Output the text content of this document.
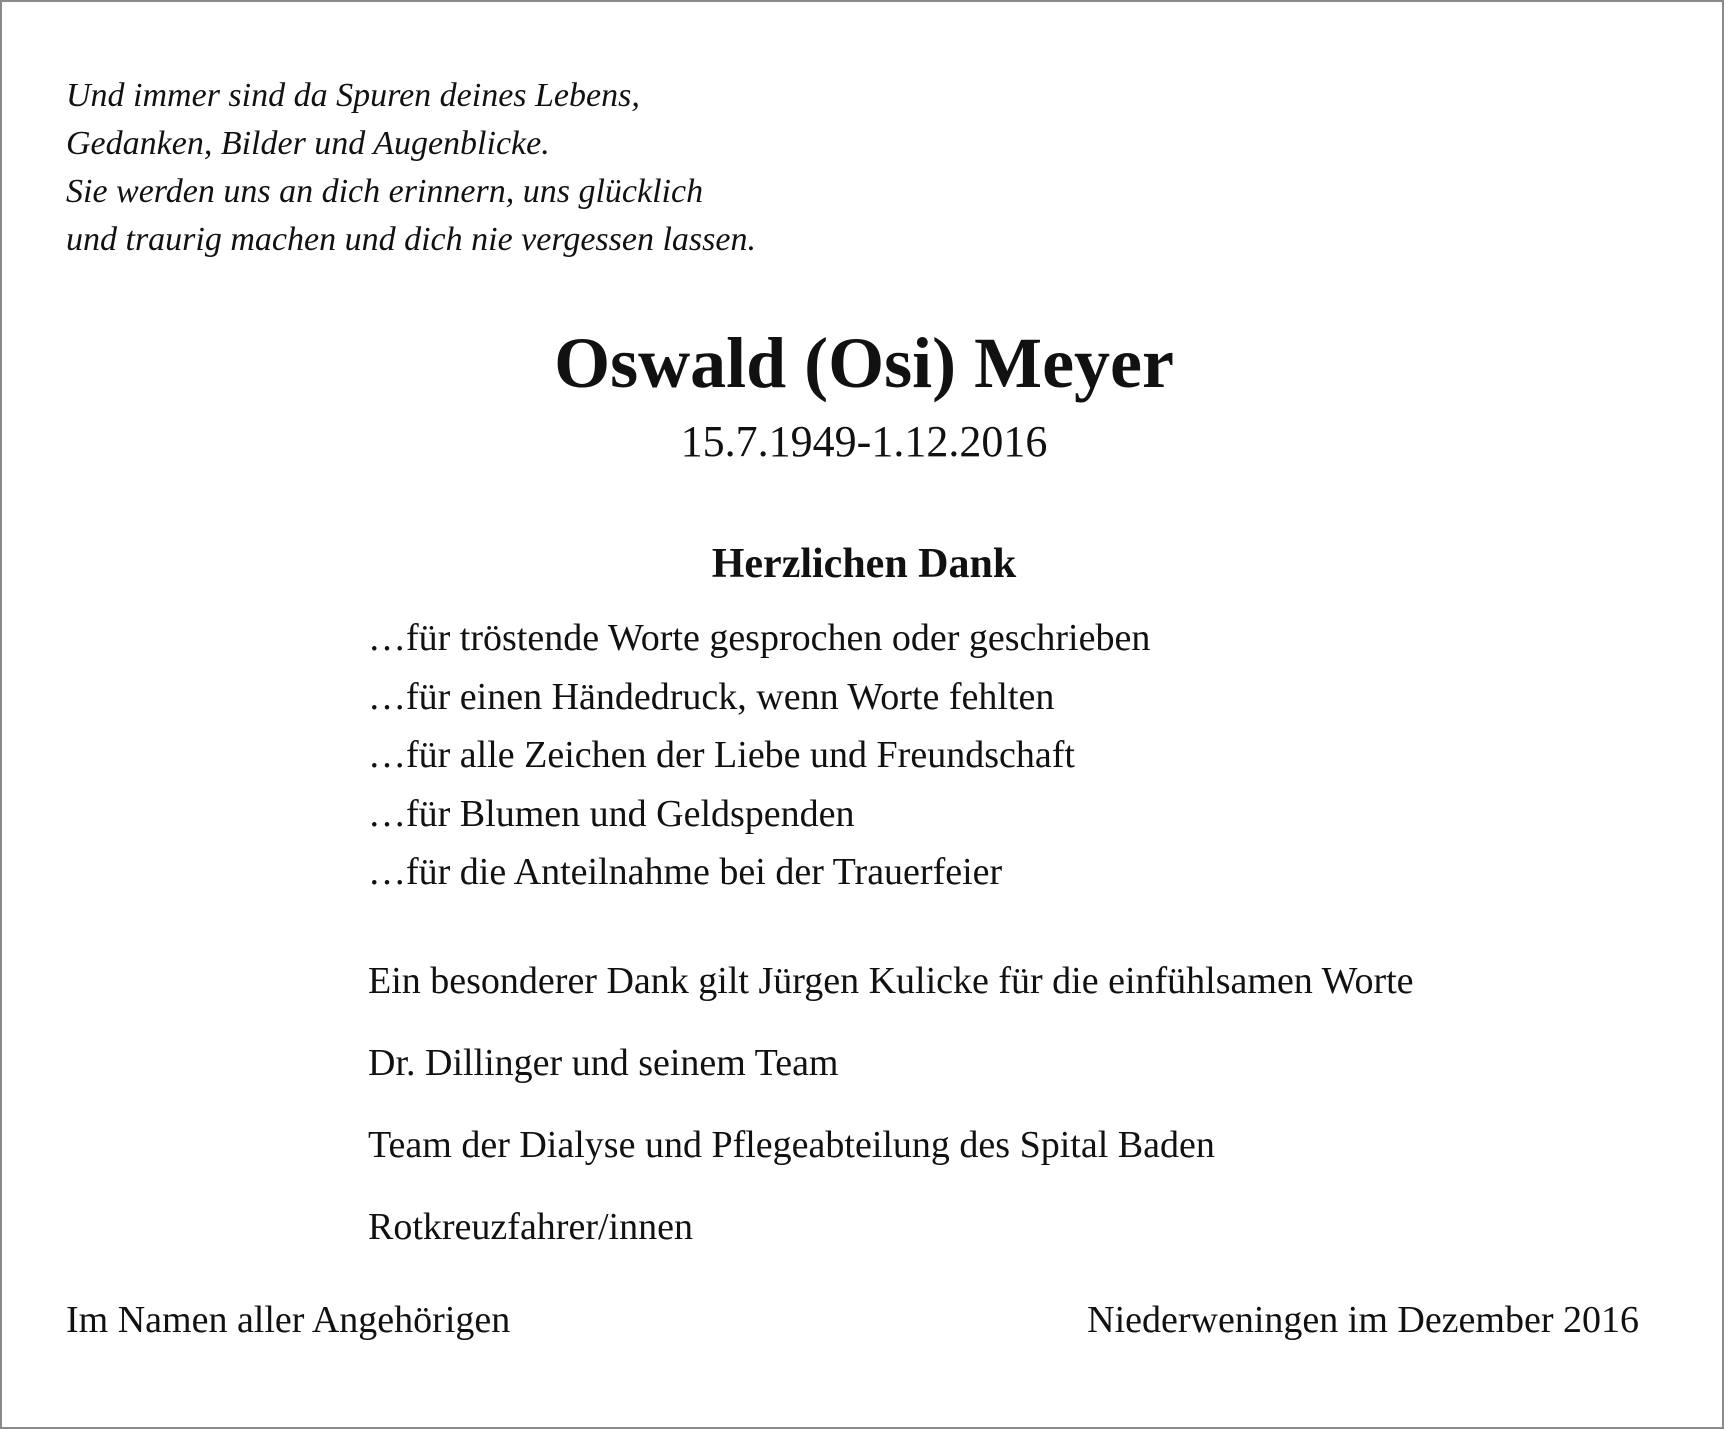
Und immer sind da Spuren deines Lebens,
Gedanken, Bilder und Augenblicke.
Sie werden uns an dich erinnern, uns glücklich
und traurig machen und dich nie vergessen lassen.
Oswald (Osi) Meyer
15.7.1949-1.12.2016
Herzlichen Dank
…für tröstende Worte gesprochen oder geschrieben
…für einen Händedruck, wenn Worte fehlten
…für alle Zeichen der Liebe und Freundschaft
…für Blumen und Geldspenden
…für die Anteilnahme bei der Trauerfeier
Ein besonderer Dank gilt Jürgen Kulicke für die einfühlsamen Worte
Dr. Dillinger und seinem Team
Team der Dialyse und Pflegeabteilung des Spital Baden
Rotkreuzfahrer/innen
Im Namen aller Angehörigen	Niederweningen im Dezember 2016
